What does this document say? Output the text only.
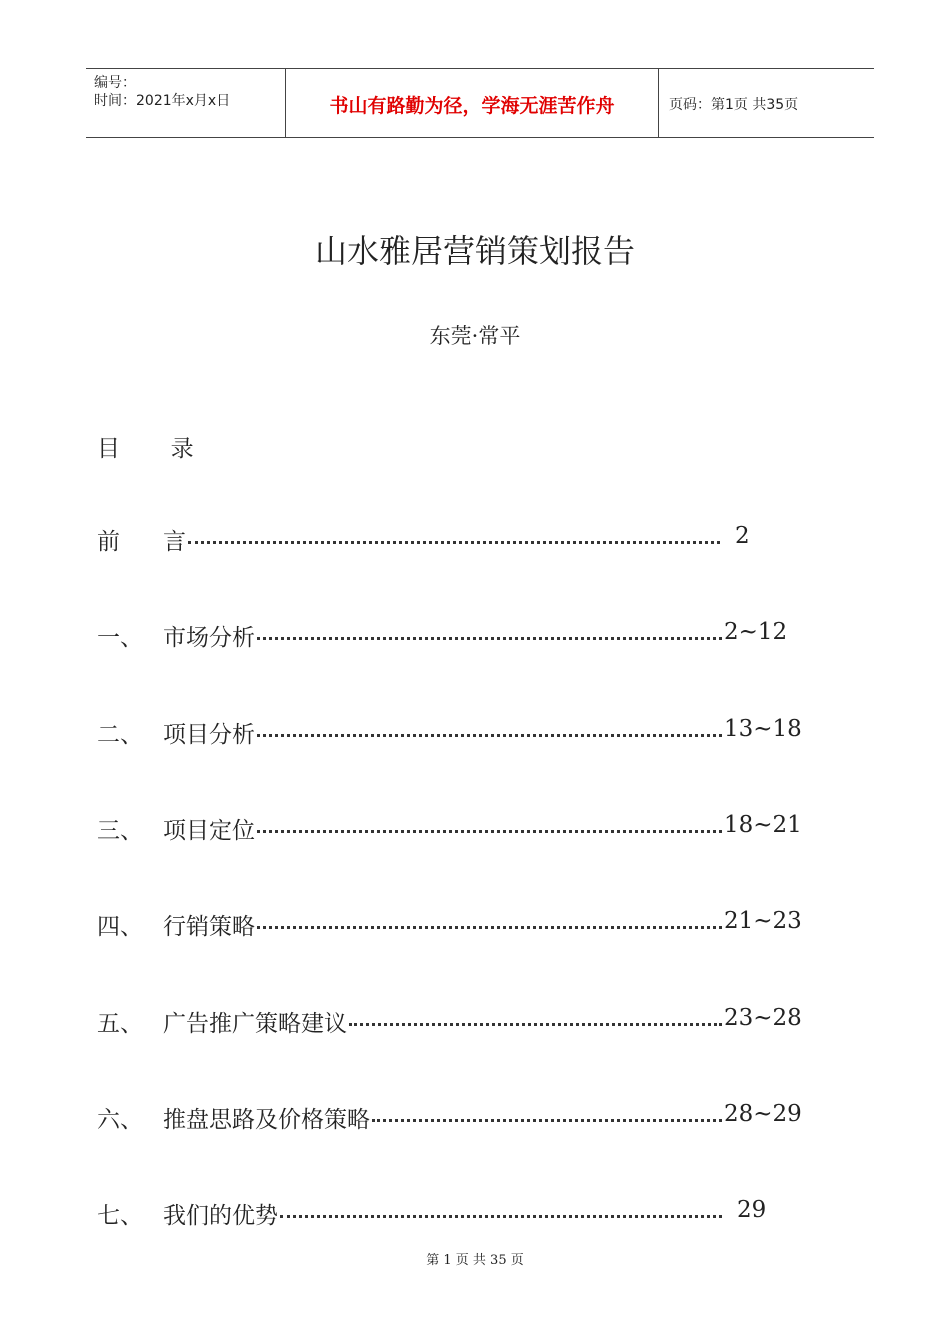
编号：
时间：2021年x月x日	书山有路勤为径，学海无涯苦作舟	页码：第1页 共35页
山水雅居营销策划报告
东莞·常平
目 录
前 言	2
一、 市场分析	2~12
二、 项目分析	13~18
三、 项目定位	18~21
四、 行销策略	21~23
五、 广告推广策略建议	23~28
六、 推盘思路及价格策略	28~29
七、 我们的优势	29
第 1 页 共 35 页
